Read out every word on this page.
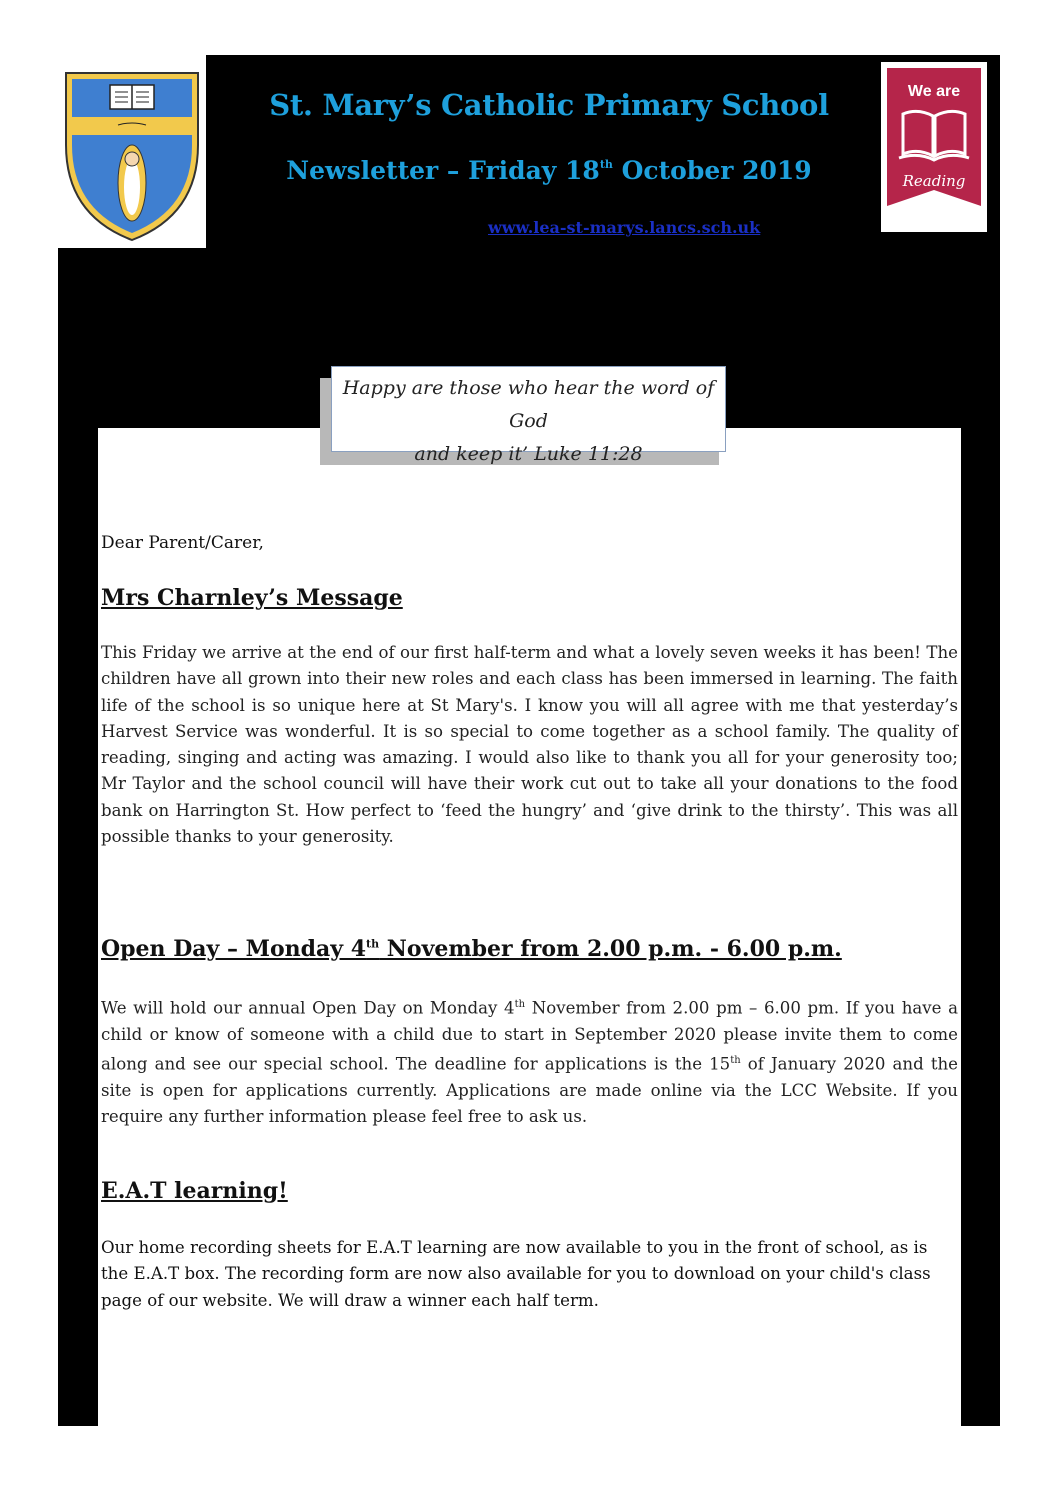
We are
Reading
St. Mary’s Catholic Primary School
Newsletter – Friday 18th October 2019
www.lea-st-marys.lancs.sch.uk
Happy are those who hear the word of God
and keep it’ Luke 11:28
Dear Parent/Carer,
Mrs Charnley’s Message
This Friday we arrive at the end of our first half-term and what a lovely seven weeks it has been! The children have all grown into their new roles and each class has been immersed in learning. The faith life of the school is so unique here at St Mary's. I know you will all agree with me that yesterday’s Harvest Service was wonderful. It is so special to come together as a school family. The quality of reading, singing and acting was amazing. I would also like to thank you all for your generosity too; Mr Taylor and the school council will have their work cut out to take all your donations to the food bank on Harrington St. How perfect to ‘feed the hungry’ and ‘give drink to the thirsty’. This was all possible thanks to your generosity.
Open Day – Monday 4th November from 2.00 p.m. - 6.00 p.m.
We will hold our annual Open Day on Monday 4th November from 2.00 pm – 6.00 pm. If you have a child or know of someone with a child due to start in September 2020 please invite them to come along and see our special school. The deadline for applications is the 15th of January 2020 and the site is open for applications currently. Applications are made online via the LCC Website. If you require any further information please feel free to ask us.
E.A.T learning!
Our home recording sheets for E.A.T learning are now available to you in the front of school, as is the E.A.T box. The recording form are now also available for you to download on your child's class page of our website. We will draw a winner each half term.
